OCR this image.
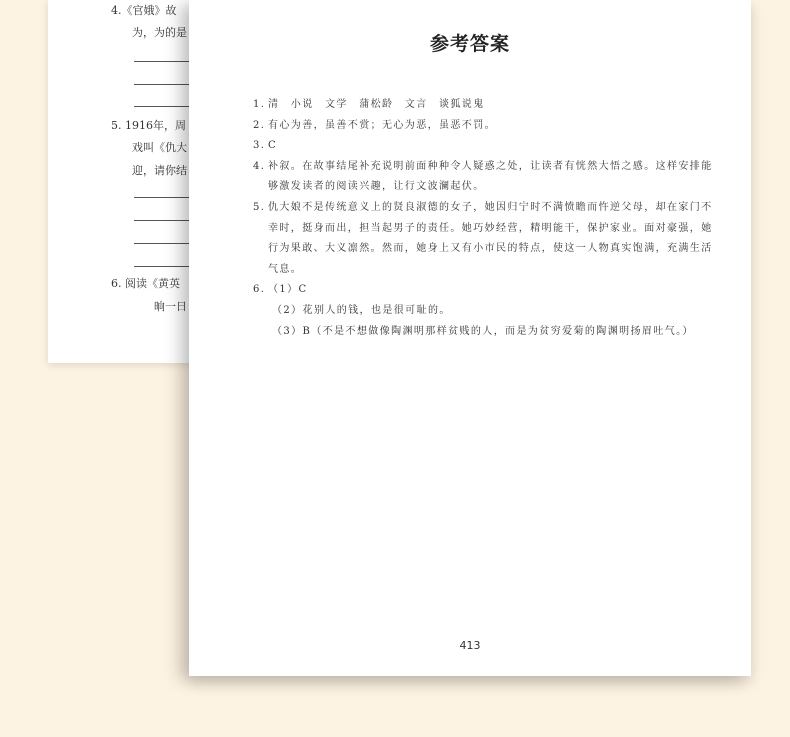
4.《官娥》故
为，为的是
5. 1916年，周
戏叫《仇大
迎，请你结
6. 阅读《黄英
晌一日
参考答案
1. 清　小说　文学　蒲松龄　文言　谈狐说鬼
2. 有心为善，虽善不赏；无心为恶，虽恶不罚。
3. C
4. 补叙。在故事结尾补充说明前面种种令人疑惑之处，让读者有恍然大悟之感。这样安排能
够激发读者的阅读兴趣，让行文波澜起伏。
5. 仇大娘不是传统意义上的贤良淑德的女子，她因归宁时不满愤瞻而忤逆父母，却在家门不
幸时，挺身而出，担当起男子的责任。她巧妙经营，精明能干，保护家业。面对豪强，她
行为果敢、大义凛然。然而，她身上又有小市民的特点，使这一人物真实饱满，充满生活
气息。
6. （1）C
（2）花别人的钱，也是很可耻的。
（3）B（不是不想做像陶渊明那样贫贱的人，而是为贫穷爱菊的陶渊明扬眉吐气。）
413
